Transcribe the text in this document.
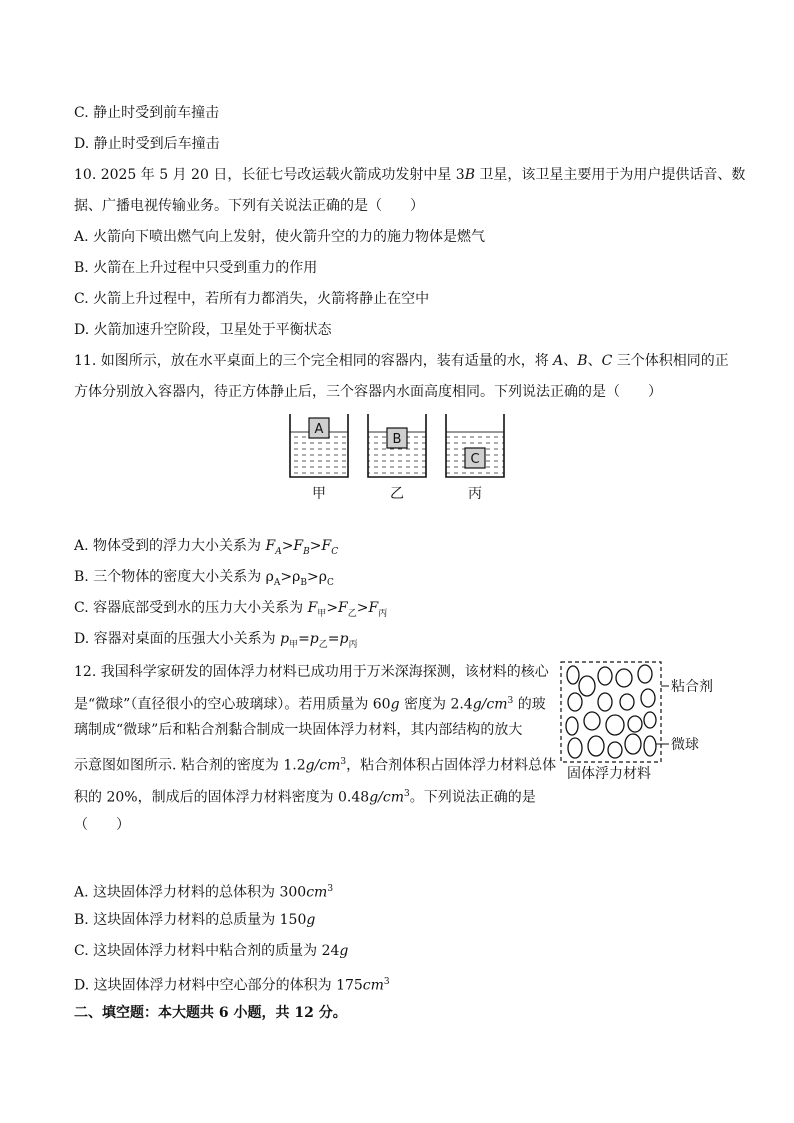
C. 静止时受到前车撞击
D. 静止时受到后车撞击
10. 2025 年 5 月 20 日，长征七号改运载火箭成功发射中星 3B 卫星，该卫星主要用于为用户提供话音、数
据、广播电视传输业务。下列有关说法正确的是（　　）
A. 火箭向下喷出燃气向上发射，使火箭升空的力的施力物体是燃气
B. 火箭在上升过程中只受到重力的作用
C. 火箭上升过程中，若所有力都消失，火箭将静止在空中
D. 火箭加速升空阶段，卫星处于平衡状态
11. 如图所示，放在水平桌面上的三个完全相同的容器内，装有适量的水，将 A、B、C 三个体积相同的正
方体分别放入容器内，待正方体静止后，三个容器内水面高度相同。下列说法正确的是（　　）
A
甲
B
乙
C
丙
A. 物体受到的浮力大小关系为 $F_A>F_B>F_C$
B. 三个物体的密度大小关系为 $\rho_A>\rho_B>\rho_C$
C. 容器底部受到水的压力大小关系为 $F_甲>F_乙>F_丙$
D. 容器对桌面的压强大小关系为 $p_甲=p_乙=p_丙$
12. 我国科学家研发的固体浮力材料已成功用于万米深海探测，该材料的核心
是“微球”（直径很小的空心玻璃球）。若用质量为 60g 密度为 $2.4g/cm^3$ 的玻
璃制成“微球”后和粘合剂黏合制成一块固体浮力材料，其内部结构的放大
示意图如图所示. 粘合剂的密度为 $1.2g/cm^3$，粘合剂体积占固体浮力材料总体
积的 20%，制成后的固体浮力材料密度为 $0.48g/cm^3$。下列说法正确的是
（　　）
粘合剂
微球
固体浮力材料
A. 这块固体浮力材料的总体积为 $300cm^3$
B. 这块固体浮力材料的总质量为 150g
C. 这块固体浮力材料中粘合剂的质量为 24g
D. 这块固体浮力材料中空心部分的体积为 $175cm^3$
二、填空题：本大题共 6 小题，共 12 分。
